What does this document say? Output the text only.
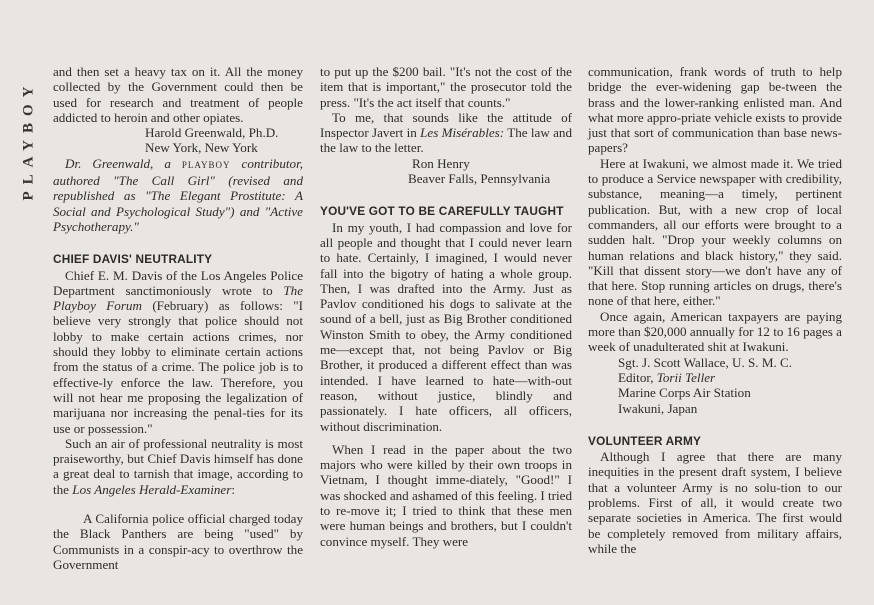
PLAYBOY

and then set a heavy tax on it. All the money collected by the Government could then be used for research and treatment of people addicted to heroin and other opiates.

Harold Greenwald, Ph.D.

New York, New York

Dr. Greenwald, a PLAYBOY contributor, authored "The Call Girl" (revised and republished as "The Elegant Prostitute: A Social and Psychological Study") and "Active Psychotherapy."

CHIEF DAVIS' NEUTRALITY

Chief E. M. Davis of the Los Angeles Police Department sanctimoniously wrote to The Playboy Forum (February) as follows: "I believe very strongly that police should not lobby to make certain actions crimes, nor should they lobby to eliminate certain actions from the status of a crime. The police job is to effective-ly enforce the law. Therefore, you will not hear me proposing the legalization of marijuana nor increasing the penal-ties for its use or possession."

Such an air of professional neutrality is most praiseworthy, but Chief Davis himself has done a great deal to tarnish that image, according to the Los Angeles Herald-Examiner:

A California police official charged today the Black Panthers are being "used" by Communists in a conspir-acy to overthrow the Government

to put up the $200 bail. "It's not the cost of the item that is important," the prosecutor told the press. "It's the act itself that counts."

To me, that sounds like the attitude of Inspector Javert in Les Misérables: The law and the law to the letter.

Ron Henry

Beaver Falls, Pennsylvania

YOU'VE GOT TO BE CAREFULLY TAUGHT

In my youth, I had compassion and love for all people and thought that I could never learn to hate. Certainly, I imagined, I would never fall into the bigotry of hating a whole group. Then, I was drafted into the Army. Just as Pavlov conditioned his dogs to salivate at the sound of a bell, just as Big Brother conditioned Winston Smith to obey, the Army conditioned me—except that, not being Pavlov or Big Brother, it produced a different effect than was intended. I have learned to hate—with-out reason, without justice, blindly and passionately. I hate officers, all officers, without discrimination.

When I read in the paper about the two majors who were killed by their own troops in Vietnam, I thought imme-diately, "Good!" I was shocked and ashamed of this feeling. I tried to re-move it; I tried to think that these men were human beings and brothers, but I couldn't convince myself. They were

communication, frank words of truth to help bridge the ever-widening gap be-tween the brass and the lower-ranking enlisted man. And what more appro-priate vehicle exists to provide just that sort of communication than base news-papers?

Here at Iwakuni, we almost made it. We tried to produce a Service newspaper with credibility, substance, meaning—a timely, pertinent publication. But, with a new crop of local commanders, all our efforts were brought to a sudden halt. "Drop your weekly columns on human relations and black history," they said. "Kill that dissent story—we don't have any of that here. Stop running articles on drugs, there's none of that here, either."

Once again, American taxpayers are paying more than $20,000 annually for 12 to 16 pages a week of unadulterated shit at Iwakuni.

Sgt. J. Scott Wallace, U. S. M. C.

Editor, Torii Teller

Marine Corps Air Station

Iwakuni, Japan

VOLUNTEER ARMY

Although I agree that there are many inequities in the present draft system, I believe that a volunteer Army is no solu-tion to our problems. First of all, it would create two separate societies in America. The first would be completely removed from military affairs, while the
